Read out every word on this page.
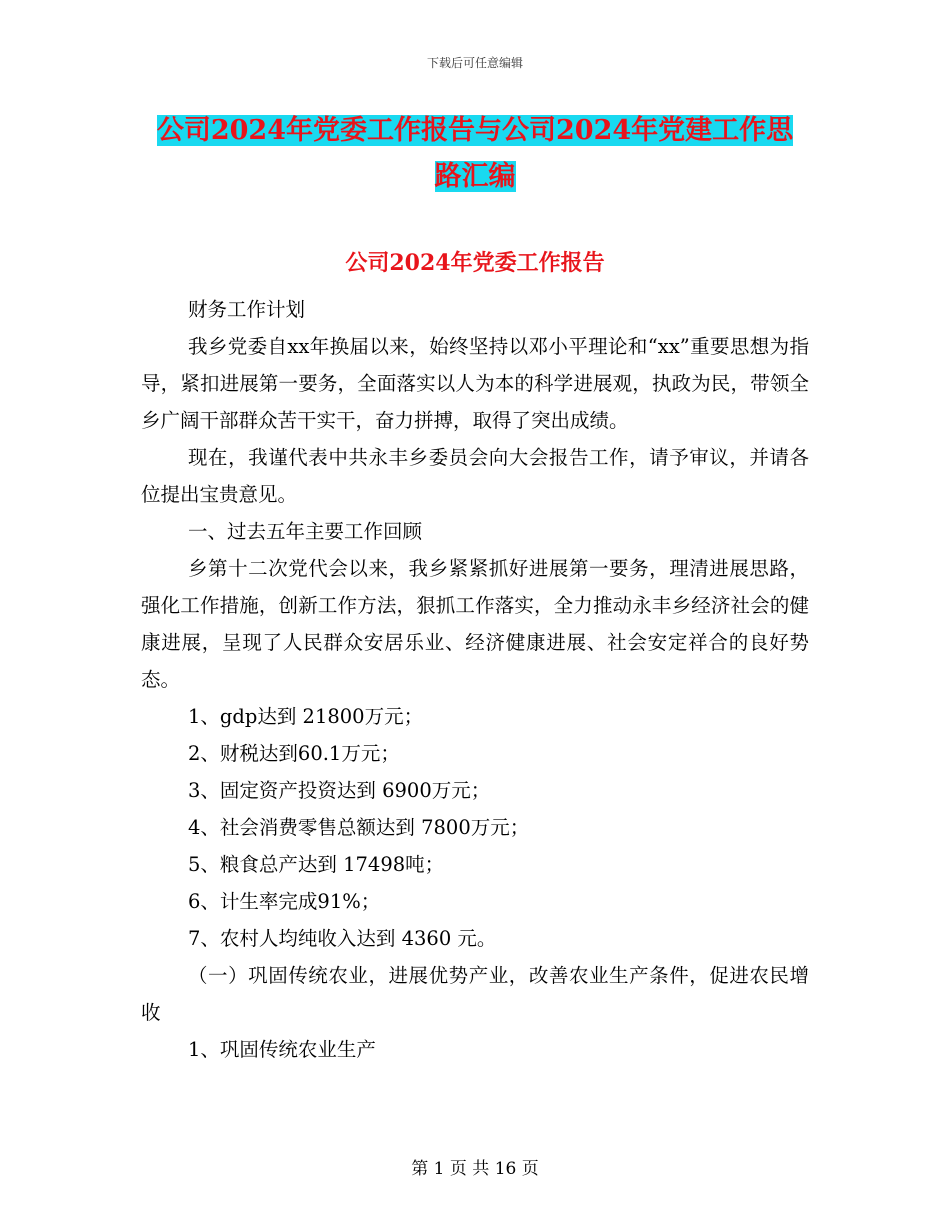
下载后可任意编辑
公司2024年党委工作报告与公司2024年党建工作思
路汇编
公司2024年党委工作报告

财务工作计划

我乡党委自xx年换届以来，始终坚持以邓小平理论和“xx”重要思想为指导，紧扣进展第一要务，全面落实以人为本的科学进展观，执政为民，带领全乡广阔干部群众苦干实干，奋力拼搏，取得了突出成绩。

现在，我谨代表中共永丰乡委员会向大会报告工作，请予审议，并请各位提出宝贵意见。

一、过去五年主要工作回顾

乡第十二次党代会以来，我乡紧紧抓好进展第一要务，理清进展思路，强化工作措施，创新工作方法，狠抓工作落实，全力推动永丰乡经济社会的健康进展，呈现了人民群众安居乐业、经济健康进展、社会安定祥合的良好势态。

1、gdp达到 21800万元；

2、财税达到60.1万元；

3、固定资产投资达到 6900万元；

4、社会消费零售总额达到 7800万元；

5、粮食总产达到 17498吨；

6、计生率完成91%；

7、农村人均纯收入达到 4360 元。

（一）巩固传统农业，进展优势产业，改善农业生产条件，促进农民增收

1、巩固传统农业生产

第 1 页 共 16 页
